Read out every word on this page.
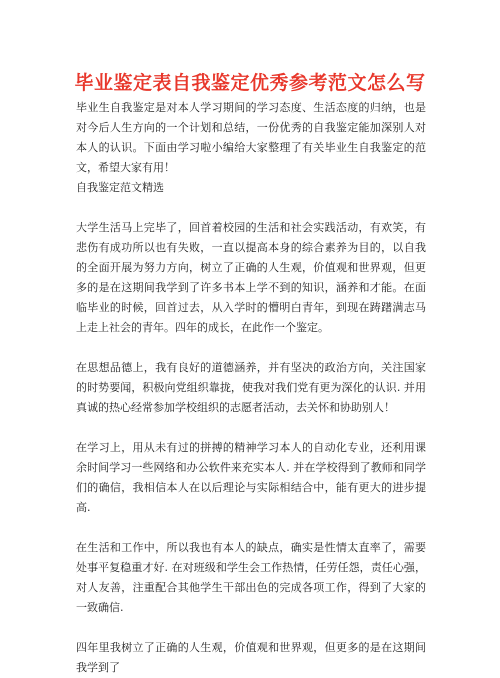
毕业鉴定表自我鉴定优秀参考范文怎么写

毕业生自我鉴定是对本人学习期间的学习态度、生活态度的归纳，也是对今后人生方向的一个计划和总结，一份优秀的自我鉴定能加深别人对本人的认识。下面由学习啦小编给大家整理了有关毕业生自我鉴定的范文，希望大家有用！

自我鉴定范文精选

大学生活马上完毕了，回首着校园的生活和社会实践活动，有欢笑，有悲伤有成功所以也有失败，一直以提高本身的综合素养为目的，以自我的全面开展为努力方向，树立了正确的人生观，价值观和世界观，但更多的是在这期间我学到了许多书本上学不到的知识，涵养和才能。在面临毕业的时候，回首过去，从入学时的懵明白青年，到现在踌躇满志马上走上社会的青年。四年的成长，在此作一个鉴定。

在思想品德上，我有良好的道德涵养，并有坚决的政治方向，关注国家的时势要闻，积极向党组织靠拢，使我对我们党有更为深化的认识. 并用真诚的热心经常参加学校组织的志愿者活动，去关怀和协助别人！

在学习上，用从未有过的拼搏的精神学习本人的自动化专业，还利用课余时间学习一些网络和办公软件来充实本人. 并在学校得到了教师和同学们的确信，我相信本人在以后理论与实际相结合中，能有更大的进步提高.

在生活和工作中，所以我也有本人的缺点，确实是性情太直率了，需要处事平复稳重才好. 在对班级和学生会工作热情，任劳任怨，责任心强，对人友善，注重配合其他学生干部出色的完成各项工作，得到了大家的一致确信.

四年里我树立了正确的人生观，价值观和世界观，但更多的是在这期间我学到了
